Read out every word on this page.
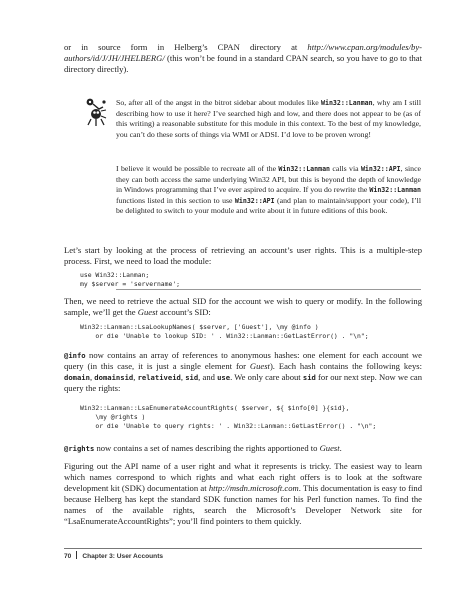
or in source form in Helberg’s CPAN directory at http://www.cpan.org/modules/by-authors/id/J/JH/JHELBERG/ (this won’t be found in a standard CPAN search, so you have to go to that directory directly).

So, after all of the angst in the bitrot sidebar about modules like Win32::Lanman, why am I still describing how to use it here? I’ve searched high and low, and there does not appear to be (as of this writing) a reasonable substitute for this module in this context. To the best of my knowledge, you can’t do these sorts of things via WMI or ADSI. I’d love to be proven wrong!

I believe it would be possible to recreate all of the Win32::Lanman calls via Win32::API, since they can both access the same underlying Win32 API, but this is beyond the depth of knowledge in Windows programming that I’ve ever aspired to acquire. If you do rewrite the Win32::Lanman functions listed in this section to use Win32::API (and plan to maintain/support your code), I’ll be delighted to switch to your module and write about it in future editions of this book.

Let’s start by looking at the process of retrieving an account’s user rights. This is a multiple-step process. First, we need to load the module:

use Win32::Lanman;
my $server = 'servername';

Then, we need to retrieve the actual SID for the account we wish to query or modify. In the following sample, we’ll get the Guest account’s SID:

Win32::Lanman::LsaLookupNames( $server, ['Guest'], \my @info )
or die 'Unable to lookup SID: ' . Win32::Lanman::GetLastError() . "\n";

@info now contains an array of references to anonymous hashes: one element for each account we query (in this case, it is just a single element for Guest). Each hash contains the following keys: domain, domainsid, relativeid, sid, and use. We only care about sid for our next step. Now we can query the rights:

Win32::Lanman::LsaEnumerateAccountRights( $server, ${ $info[0] }{sid},
\my @rights )
or die 'Unable to query rights: ' . Win32::Lanman::GetLastError() . "\n";

@rights now contains a set of names describing the rights apportioned to Guest.

Figuring out the API name of a user right and what it represents is tricky. The easiest way to learn which names correspond to which rights and what each right offers is to look at the software development kit (SDK) documentation at http://msdn.microsoft.com. This documentation is easy to find because Helberg has kept the standard SDK function names for his Perl function names. To find the names of the available rights, search the Microsoft’s Developer Network site for “LsaEnumerateAccountRights”; you’ll find pointers to them quickly.

70 Chapter 3: User Accounts
